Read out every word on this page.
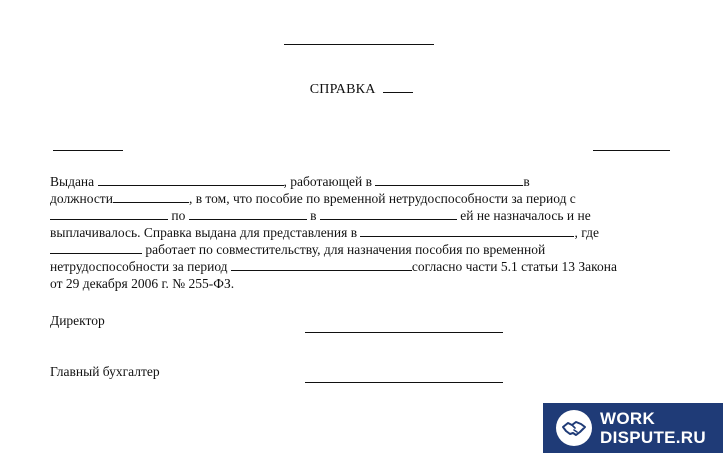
СПРАВКА
Выдана	, работающей в	в
должности	, в том, что пособие по временной нетрудоспособности за период с
по	в	ей не назначалось и не
выплачивалось. Справка выдана для представления в	, где
работает по совместительству, для назначения пособия по временной
нетрудоспособности за период	согласно части 5.1 статьи 13 Закона
от 29 декабря 2006 г. № 255-ФЗ.
Директор
Главный бухгалтер
WORK
DISPUTE.RU
